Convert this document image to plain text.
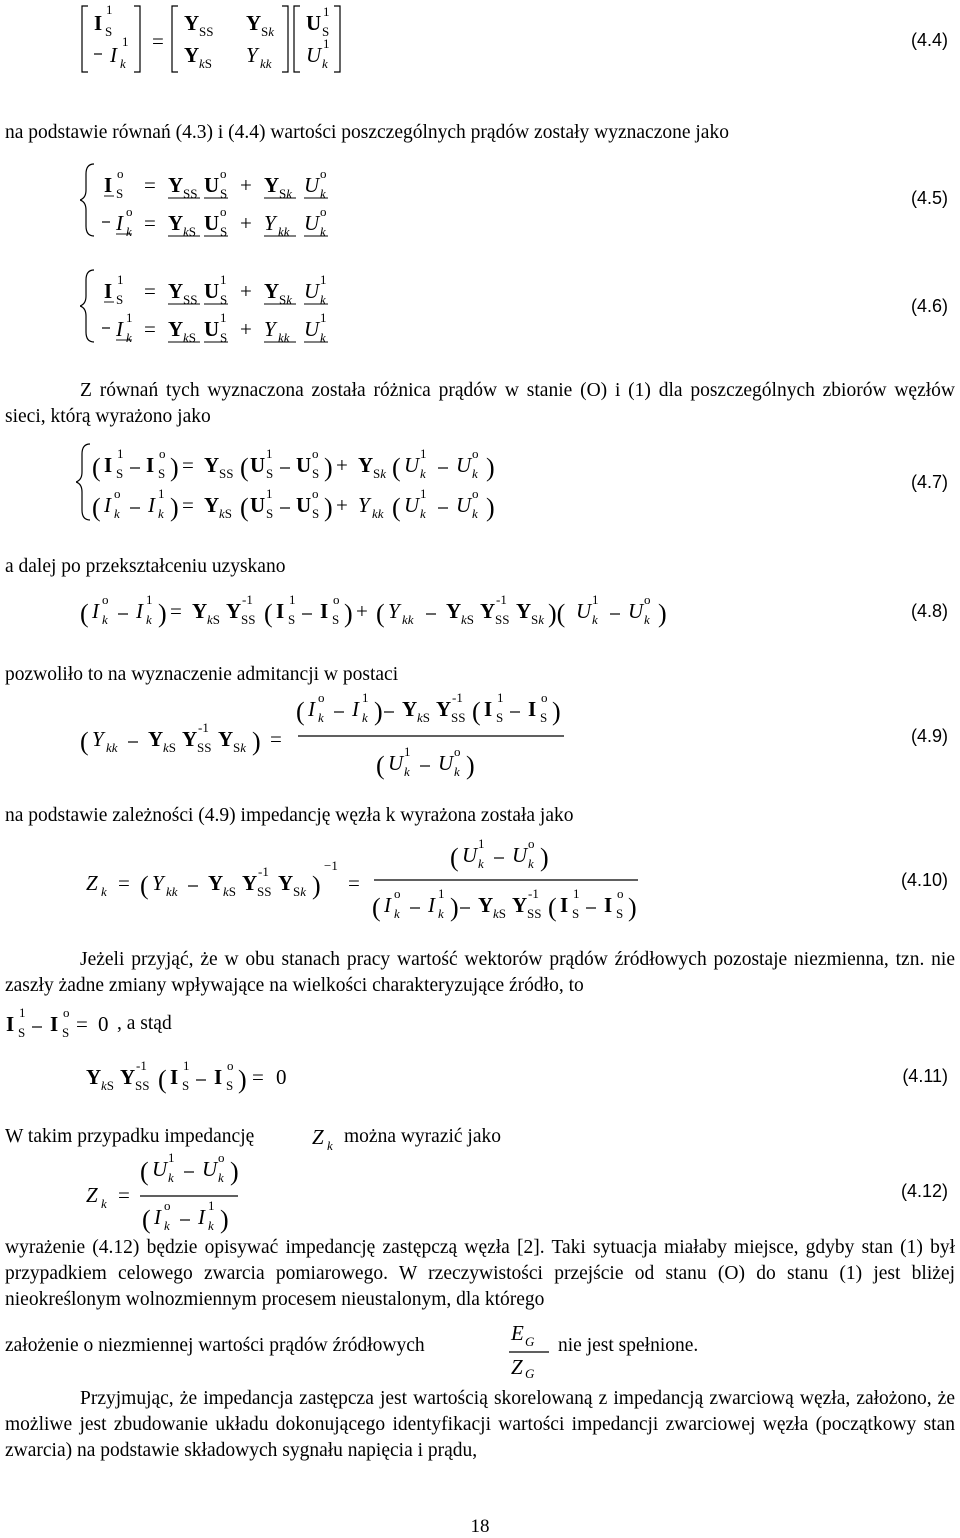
I S
I k
=
Y SS Y Sk
Y kS Y kk
U S
U k
1
1
1
1	(4.4)
na podstawie równań (4.3) i (4.4) wartości poszczególnych prądów zostały wyznaczone jako
I S
o = Y SS U S
o + Y Sk U k
o
I k
o = Y kS U S
o + Y kk U k
o
(4.5)
I S
1 = Y SS U S
1 + Y Sk U k
1
I k
1 = Y kS U S
1 + Y kk U k
1
(4.6)
Z równań tych wyznaczona została różnica prądów w stanie (O) i (1) dla poszczególnych zbiorów węzłów sieci, którą wyrażono jako
( I S
1 I S
o ) = Y SS ( U S
1 U S
o ) + Y Sk ( U k
1 U k
o )
( I k
o I k
1 ) = Y kS ( U S
1 U S
o ) + Y kk ( U k
1 U k
o )
(4.7)
a dalej po przekształceniu uzyskano
( I k
o I k
1 ) = Y kS Y SS
-1 ( I S
1 I S
o ) + ( Y kk Y kS Y SS
-1 Y Sk )( U k
1 U k
o )	(4.8)
pozwoliło to na wyznaczenie admitancji w postaci
( Y kk Y kS Y SS
-1 Y Sk ) =
( I k
o I k
1 ) Y kS Y SS
-1 ( I S
1 I S
o )
( U k
1 U k
o )
(4.9)
na podstawie zależności (4.9) impedancję węzła k wyrażona została jako
Z k = ( Y kk Y kS Y SS
-1 Y Sk )
−1
=
( U k
1 U k
o )
( I k
o I k
1 ) Y kS Y SS
-1 ( I S
1 I S
o )
(4.10)
Jeżeli przyjąć, że w obu stanach pracy wartość wektorów prądów źródłowych pozostaje niezmienna, tzn. nie zaszły żadne zmiany wpływające na wielkości charakteryzujące źródło, to
I S
1 I S
o = 0 , a stąd
Y kS Y SS
-1 ( I S
1 I S
o ) = 0	(4.11)
W takim przypadku impedancję	Z k można wyrazić jako
Z k =
( U k
1 U k
o )
( I k
o I k
1 )
(4.12)
wyrażenie (4.12) będzie opisywać impedancję zastępczą węzła [2]. Taki sytuacja miałaby miejsce, gdyby stan (1) był przypadkiem celowego zwarcia pomiarowego. W rzeczywistości przejście od stanu (O) do stanu (1) jest bliżej nieokreślonym wolnozmiennym procesem nieustalonym, dla którego
założenie o niezmiennej wartości prądów źródłowych
E G
Z G
nie jest spełnione.
Przyjmując, że impedancja zastępcza jest wartością skorelowaną z impedancją zwarciową węzła, założono, że możliwe jest zbudowanie układu dokonującego identyfikacji wartości impedancji zwarciowej węzła (początkowy stan zwarcia) na podstawie składowych sygnału napięcia i prądu,
18
